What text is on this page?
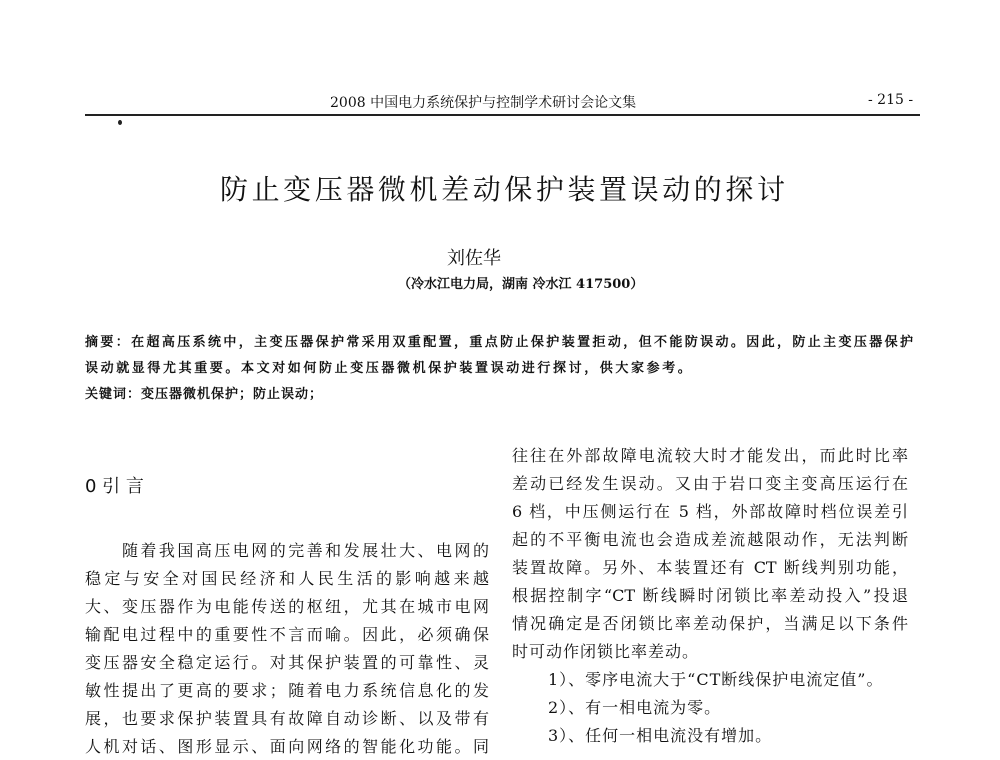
2008 中国电力系统保护与控制学术研讨会论文集	- 215 -
防止变压器微机差动保护装置误动的探讨
刘佐华
（冷水江电力局，湖南 冷水江 417500）
摘要：在超高压系统中，主变压器保护常采用双重配置，重点防止保护装置拒动，但不能防误动。因此，防止主变压器保护
误动就显得尤其重要。本文对如何防止变压器微机保护装置误动进行探讨，供大家参考。
关键词：变压器微机保护；防止误动；
0 引 言
　　随着我国高压电网的完善和发展壮大、电网的
稳定与安全对国民经济和人民生活的影响越来越
大、变压器作为电能传送的枢纽，尤其在城市电网
输配电过程中的重要性不言而喻。因此，必须确保
变压器安全稳定运行。对其保护装置的可靠性、灵
敏性提出了更高的要求；随着电力系统信息化的发
展，也要求保护装置具有故障自动诊断、以及带有
人机对话、图形显示、面向网络的智能化功能。同
往往在外部故障电流较大时才能发出，而此时比率
差动已经发生误动。又由于岩口变主变高压运行在
6 档，中压侧运行在 5 档，外部故障时档位误差引
起的不平衡电流也会造成差流越限动作，无法判断
装置故障。另外、本装置还有 CT 断线判别功能，
根据控制字“CT 断线瞬时闭锁比率差动投入”投退
情况确定是否闭锁比率差动保护，当满足以下条件
时可动作闭锁比率差动。
1）、零序电流大于“CT断线保护电流定值”。
2）、有一相电流为零。
3）、任何一相电流没有增加。
